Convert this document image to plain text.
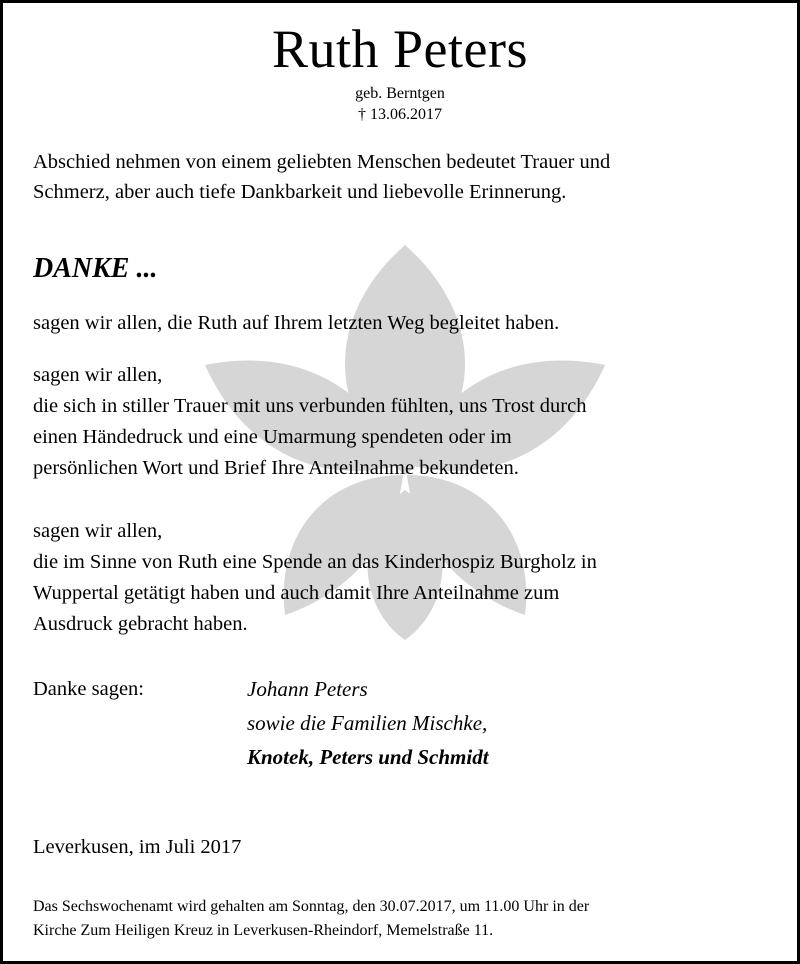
Ruth Peters
geb. Berntgen
† 13.06.2017
Abschied nehmen von einem geliebten Menschen bedeutet Trauer und
Schmerz, aber auch tiefe Dankbarkeit und liebevolle Erinnerung.
DANKE ...
sagen wir allen, die Ruth auf Ihrem letzten Weg begleitet haben.
sagen wir allen,
die sich in stiller Trauer mit uns verbunden fühlten, uns Trost durch
einen Händedruck und eine Umarmung spendeten oder im
persönlichen Wort und Brief Ihre Anteilnahme bekundeten.
sagen wir allen,
die im Sinne von Ruth eine Spende an das Kinderhospiz Burgholz in
Wuppertal getätigt haben und auch damit Ihre Anteilnahme zum
Ausdruck gebracht haben.
Danke sagen:	Johann Peters
sowie die Familien Mischke,
Knotek, Peters und Schmidt
Leverkusen, im Juli 2017
Das Sechswochenamt wird gehalten am Sonntag, den 30.07.2017, um 11.00 Uhr in der
Kirche Zum Heiligen Kreuz in Leverkusen-Rheindorf, Memelstraße 11.
